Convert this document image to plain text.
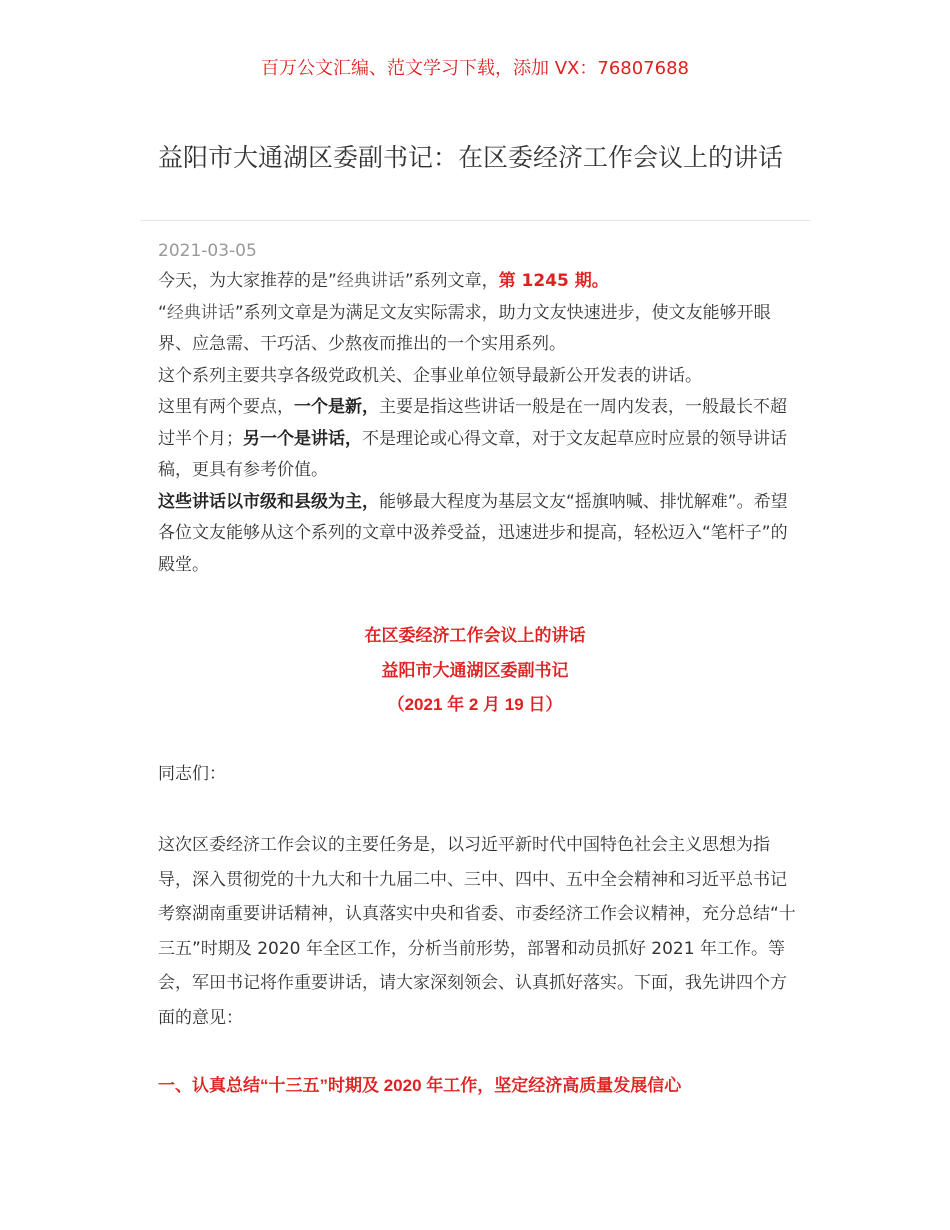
百万公文汇编、范文学习下载，添加 VX：76807688
益阳市大通湖区委副书记：在区委经济工作会议上的讲话
2021-03-05

今天，为大家推荐的是”经典讲话”系列文章，第 1245 期。

“经典讲话”系列文章是为满足文友实际需求，助力文友快速进步，使文友能够开眼界、应急需、干巧活、少熬夜而推出的一个实用系列。

这个系列主要共享各级党政机关、企事业单位领导最新公开发表的讲话。

这里有两个要点，一个是新，主要是指这些讲话一般是在一周内发表，一般最长不超过半个月；另一个是讲话，不是理论或心得文章，对于文友起草应时应景的领导讲话稿，更具有参考价值。

这些讲话以市级和县级为主，能够最大程度为基层文友“摇旗呐喊、排忧解难”。希望各位文友能够从这个系列的文章中汲养受益，迅速进步和提高，轻松迈入“笔杆子”的殿堂。

在区委经济工作会议上的讲话
益阳市大通湖区委副书记
（2021 年 2 月 19 日）
同志们：

这次区委经济工作会议的主要任务是，以习近平新时代中国特色社会主义思想为指导，深入贯彻党的十九大和十九届二中、三中、四中、五中全会精神和习近平总书记考察湖南重要讲话精神，认真落实中央和省委、市委经济工作会议精神，充分总结“十三五”时期及 2020 年全区工作，分析当前形势，部署和动员抓好 2021 年工作。等会，军田书记将作重要讲话，请大家深刻领会、认真抓好落实。下面，我先讲四个方面的意见：

一、认真总结“十三五”时期及 2020 年工作，坚定经济高质量发展信心
